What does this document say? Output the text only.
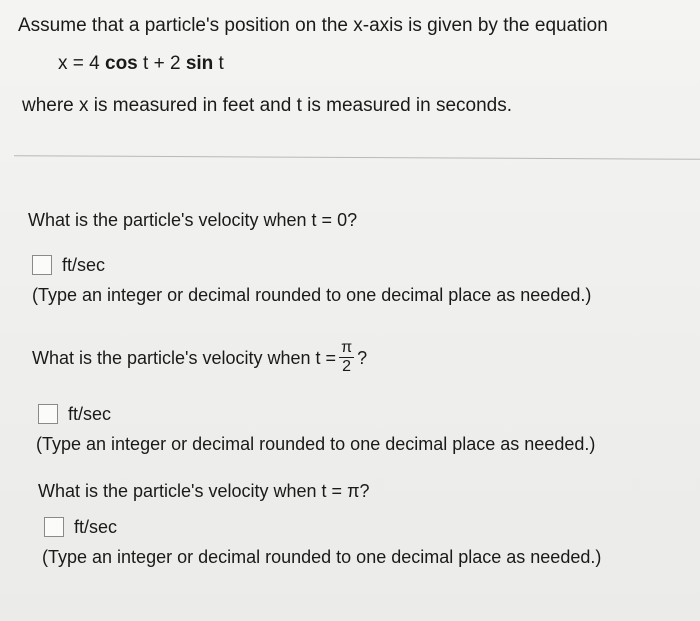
Assume that a particle's position on the x-axis is given by the equation

x = 4 cos t + 2 sin t
where x is measured in feet and t is measured in seconds.
What is the particle's velocity when t = 0?
ft/sec
(Type an integer or decimal rounded to one decimal place as needed.)
What is the particle's velocity when $t = \frac{\pi}{2}$ ?
ft/sec
(Type an integer or decimal rounded to one decimal place as needed.)
What is the particle's velocity when t = π?
ft/sec
(Type an integer or decimal rounded to one decimal place as needed.)
